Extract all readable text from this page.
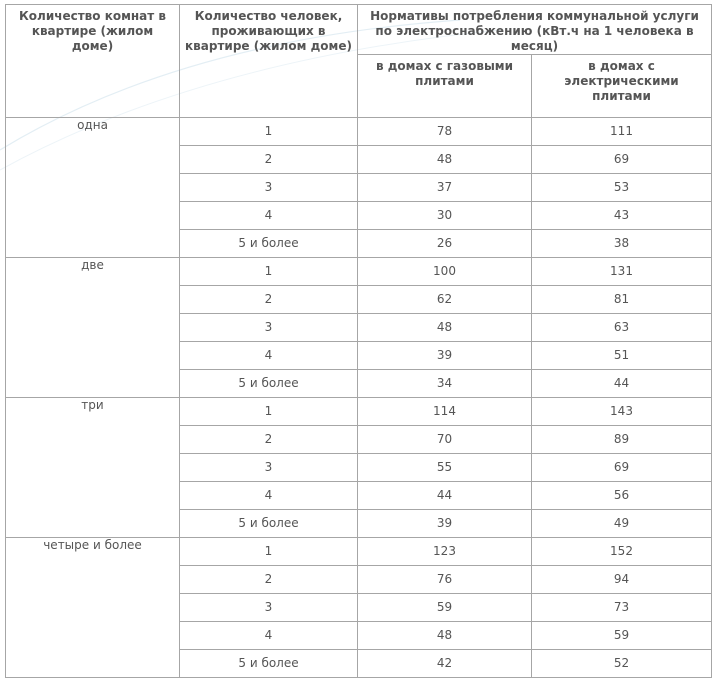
Количество комнат в квартире (жилом доме)	Количество человек, проживающих в квартире (жилом доме)	Нормативы потребления коммунальной услуги по электроснабжению (кВт.ч на 1 человека в месяц)	
		в домах с газовыми плитами	в домах с электрическими плитами
одна	1	78	111
	2	48	69
	3	37	53
	4	30	43
	5 и более	26	38
две	1	100	131
	2	62	81
	3	48	63
	4	39	51
	5 и более	34	44
три	1	114	143
	2	70	89
	3	55	69
	4	44	56
	5 и более	39	49
четыре и более	1	123	152
	2	76	94
	3	59	73
	4	48	59
	5 и более	42	52
